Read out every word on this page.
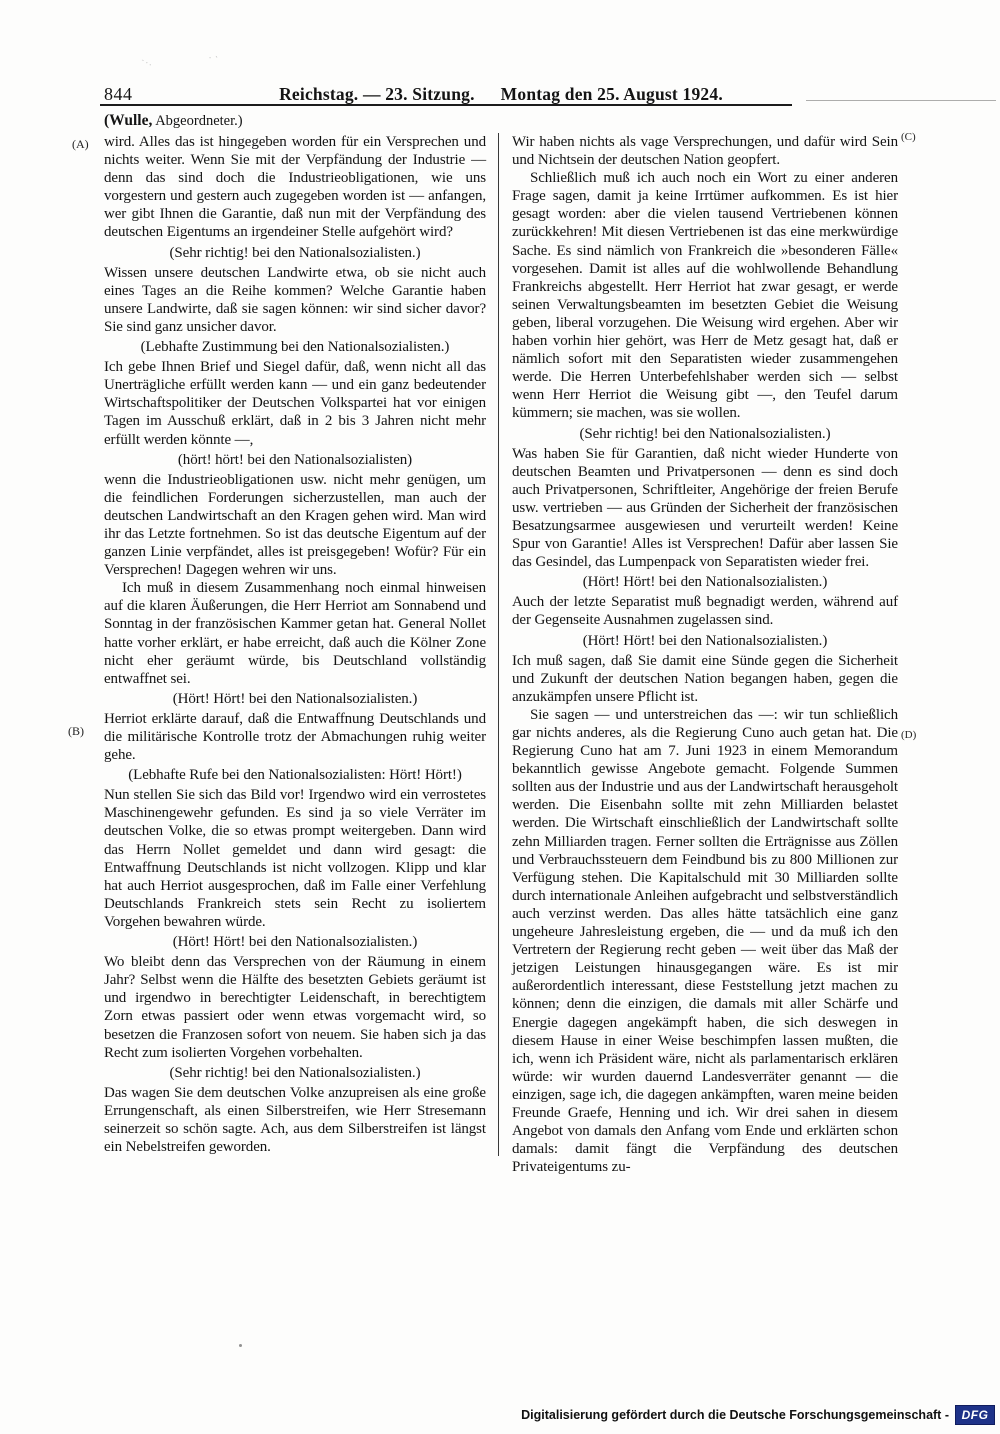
`·.	· `
844	Reichstag. — 23. Sitzung. Montag den 25. August 1924.
(Wulle, Abgeordneter.)
(A)
(B)
(C)
(D)

wird. Alles das ist hingegeben worden für ein Versprechen und nichts weiter. Wenn Sie mit der Verpfändung der Industrie — denn das sind doch die Industrieobligationen, wie uns vorgestern und gestern auch zugegeben worden ist — anfangen, wer gibt Ihnen die Garantie, daß nun mit der Verpfändung des deutschen Eigentums an irgendeiner Stelle aufgehört wird?

(Sehr richtig! bei den Nationalsozialisten.)

Wissen unsere deutschen Landwirte etwa, ob sie nicht auch eines Tages an die Reihe kommen? Welche Garantie haben unsere Landwirte, daß sie sagen können: wir sind sicher davor? Sie sind ganz unsicher davor.

(Lebhafte Zustimmung bei den Nationalsozialisten.)

Ich gebe Ihnen Brief und Siegel dafür, daß, wenn nicht all das Unerträgliche erfüllt werden kann — und ein ganz bedeutender Wirtschaftspolitiker der Deutschen Volkspartei hat vor einigen Tagen im Ausschuß erklärt, daß in 2 bis 3 Jahren nicht mehr erfüllt werden könnte —,

(hört! hört! bei den Nationalsozialisten)

wenn die Industrieobligationen usw. nicht mehr genügen, um die feindlichen Forderungen sicherzustellen, man auch der deutschen Landwirtschaft an den Kragen gehen wird. Man wird ihr das Letzte fortnehmen. So ist das deutsche Eigentum auf der ganzen Linie verpfändet, alles ist preisgegeben! Wofür? Für ein Versprechen! Dagegen wehren wir uns.

Ich muß in diesem Zusammenhang noch einmal hinweisen auf die klaren Äußerungen, die Herr Herriot am Sonnabend und Sonntag in der französischen Kammer getan hat. General Nollet hatte vorher erklärt, er habe erreicht, daß auch die Kölner Zone nicht eher geräumt würde, bis Deutschland vollständig entwaffnet sei.

(Hört! Hört! bei den Nationalsozialisten.)

Herriot erklärte darauf, daß die Entwaffnung Deutschlands und die militärische Kontrolle trotz der Abmachungen ruhig weiter gehe.

(Lebhafte Rufe bei den Nationalsozialisten: Hört! Hört!)

Nun stellen Sie sich das Bild vor! Irgendwo wird ein verrostetes Maschinengewehr gefunden. Es sind ja so viele Verräter im deutschen Volke, die so etwas prompt weitergeben. Dann wird das Herrn Nollet gemeldet und dann wird gesagt: die Entwaffnung Deutschlands ist nicht vollzogen. Klipp und klar hat auch Herriot ausgesprochen, daß im Falle einer Verfehlung Deutschlands Frankreich stets sein Recht zu isoliertem Vorgehen bewahren würde.

(Hört! Hört! bei den Nationalsozialisten.)

Wo bleibt denn das Versprechen von der Räumung in einem Jahr? Selbst wenn die Hälfte des besetzten Gebiets geräumt ist und irgendwo in berechtigter Leidenschaft, in berechtigtem Zorn etwas passiert oder wenn etwas vorgemacht wird, so besetzen die Franzosen sofort von neuem. Sie haben sich ja das Recht zum isolierten Vorgehen vorbehalten.

(Sehr richtig! bei den Nationalsozialisten.)

Das wagen Sie dem deutschen Volke anzupreisen als eine große Errungenschaft, als einen Silberstreifen, wie Herr Stresemann seinerzeit so schön sagte. Ach, aus dem Silberstreifen ist längst ein Nebelstreifen geworden.

Wir haben nichts als vage Versprechungen, und dafür wird Sein und Nichtsein der deutschen Nation geopfert.

Schließlich muß ich auch noch ein Wort zu einer anderen Frage sagen, damit ja keine Irrtümer aufkommen. Es ist hier gesagt worden: aber die vielen tausend Vertriebenen können zurückkehren! Mit diesen Vertriebenen ist das eine merkwürdige Sache. Es sind nämlich von Frankreich die »besonderen Fälle« vorgesehen. Damit ist alles auf die wohlwollende Behandlung Frankreichs abgestellt. Herr Herriot hat zwar gesagt, er werde seinen Verwaltungsbeamten im besetzten Gebiet die Weisung geben, liberal vorzugehen. Die Weisung wird ergehen. Aber wir haben vorhin hier gehört, was Herr de Metz gesagt hat, daß er nämlich sofort mit den Separatisten wieder zusammengehen werde. Die Herren Unterbefehlshaber werden sich — selbst wenn Herr Herriot die Weisung gibt —, den Teufel darum kümmern; sie machen, was sie wollen.

(Sehr richtig! bei den Nationalsozialisten.)

Was haben Sie für Garantien, daß nicht wieder Hunderte von deutschen Beamten und Privatpersonen — denn es sind doch auch Privatpersonen, Schriftleiter, Angehörige der freien Berufe usw. vertrieben — aus Gründen der Sicherheit der französischen Besatzungsarmee ausgewiesen und verurteilt werden! Keine Spur von Garantie! Alles ist Versprechen! Dafür aber lassen Sie das Gesindel, das Lumpenpack von Separatisten wieder frei.

(Hört! Hört! bei den Nationalsozialisten.)

Auch der letzte Separatist muß begnadigt werden, während auf der Gegenseite Ausnahmen zugelassen sind.

(Hört! Hört! bei den Nationalsozialisten.)

Ich muß sagen, daß Sie damit eine Sünde gegen die Sicherheit und Zukunft der deutschen Nation begangen haben, gegen die anzukämpfen unsere Pflicht ist.

Sie sagen — und unterstreichen das —: wir tun schließlich gar nichts anderes, als die Regierung Cuno auch getan hat. Die Regierung Cuno hat am 7. Juni 1923 in einem Memorandum bekanntlich gewisse Angebote gemacht. Folgende Summen sollten aus der Industrie und aus der Landwirtschaft herausgeholt werden. Die Eisenbahn sollte mit zehn Milliarden belastet werden. Die Wirtschaft einschließlich der Landwirtschaft sollte zehn Milliarden tragen. Ferner sollten die Erträgnisse aus Zöllen und Verbrauchssteuern dem Feindbund bis zu 800 Millionen zur Verfügung stehen. Die Kapitalschuld mit 30 Milliarden sollte durch internationale Anleihen aufgebracht und selbstverständlich auch verzinst werden. Das alles hätte tatsächlich eine ganz ungeheure Jahresleistung ergeben, die — und da muß ich den Vertretern der Regierung recht geben — weit über das Maß der jetzigen Leistungen hinausgegangen wäre. Es ist mir außerordentlich interessant, diese Feststellung jetzt machen zu können; denn die einzigen, die damals mit aller Schärfe und Energie dagegen angekämpft haben, die sich deswegen in diesem Hause in einer Weise beschimpfen lassen mußten, die ich, wenn ich Präsident wäre, nicht als parlamentarisch erklären würde: wir wurden dauernd Landesverräter genannt — die einzigen, sage ich, die dagegen ankämpften, waren meine beiden Freunde Graefe, Henning und ich. Wir drei sahen in diesem Angebot von damals den Anfang vom Ende und erklärten schon damals: damit fängt die Verpfändung des deutschen Privateigentums zu-

Digitalisierung gefördert durch die Deutsche Forschungsgemeinschaft -	DFG
